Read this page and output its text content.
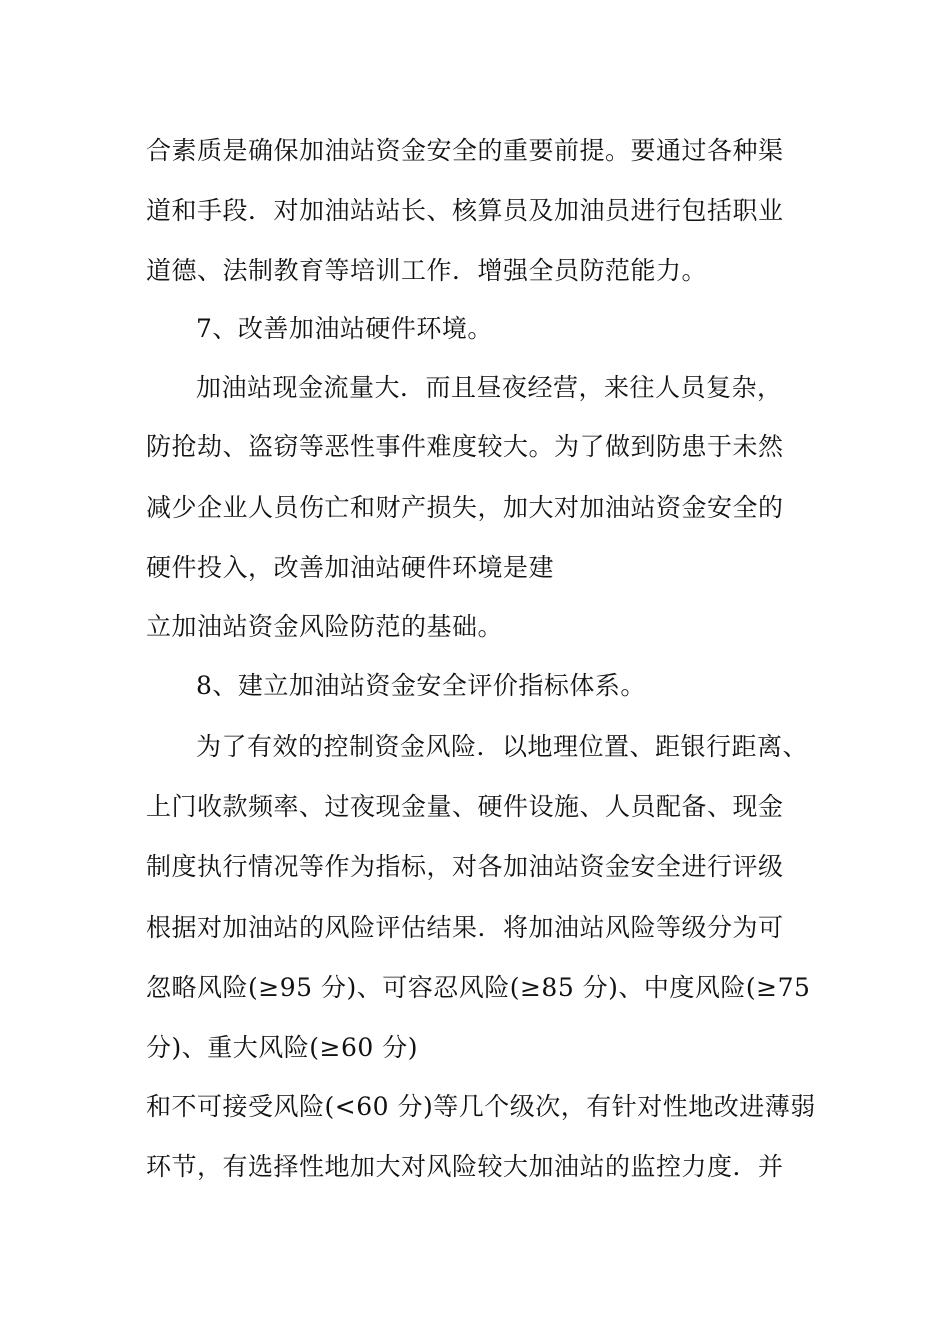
合素质是确保加油站资金安全的重要前提。要通过各种渠
道和手段．对加油站站长、核算员及加油员进行包括职业
道德、法制教育等培训工作．增强全员防范能力。
7、改善加油站硬件环境。
加油站现金流量大．而且昼夜经营，来往人员复杂，
防抢劫、盗窃等恶性事件难度较大。为了做到防患于未然
减少企业人员伤亡和财产损失，加大对加油站资金安全的
硬件投入，改善加油站硬件环境是建
立加油站资金风险防范的基础。
8、建立加油站资金安全评价指标体系。
为了有效的控制资金风险．以地理位置、距银行距离、
上门收款频率、过夜现金量、硬件设施、人员配备、现金
制度执行情况等作为指标，对各加油站资金安全进行评级
根据对加油站的风险评估结果．将加油站风险等级分为可
忽略风险(≥95 分)、可容忍风险(≥85 分)、中度风险(≥75
分)、重大风险(≥60 分)
和不可接受风险(<60 分)等几个级次，有针对性地改进薄弱
环节，有选择性地加大对风险较大加油站的监控力度．并
